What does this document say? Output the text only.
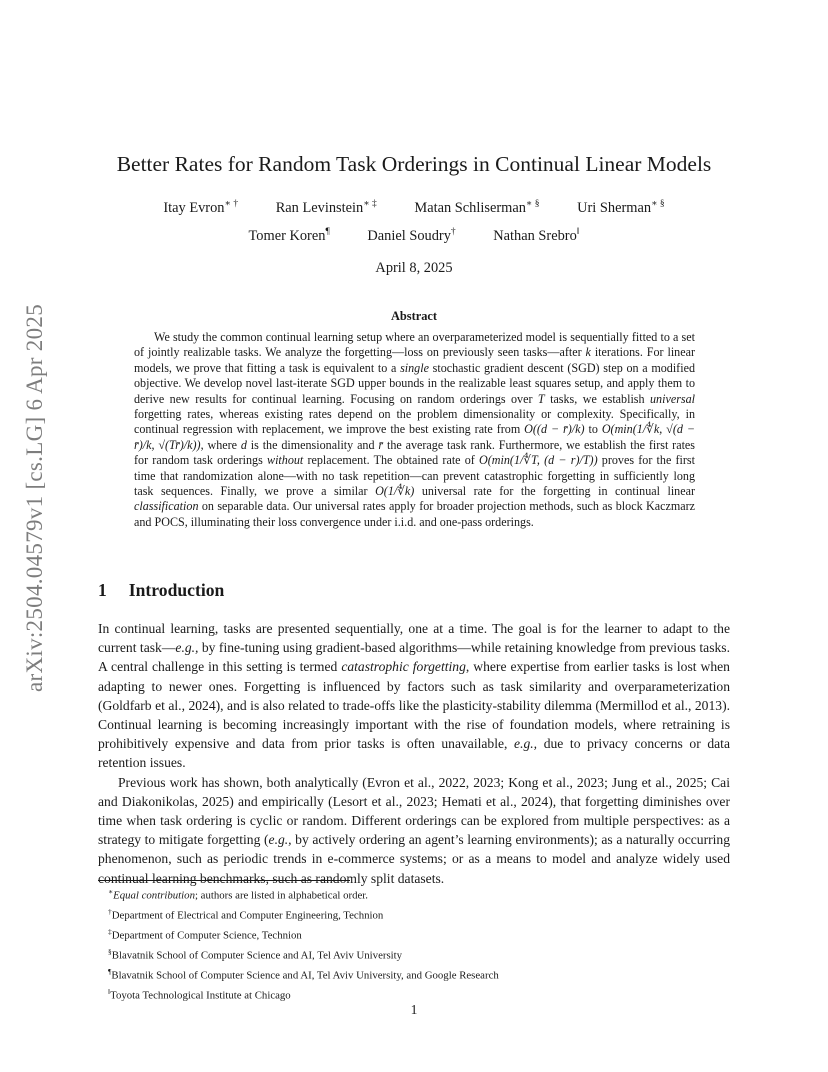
arXiv:2504.04579v1 [cs.LG] 6 Apr 2025
Better Rates for Random Task Orderings in Continual Linear Models
Itay Evron∗ †	Ran Levinstein∗ ‡	Matan Schliserman∗ §	Uri Sherman∗ §
Tomer Koren¶	Daniel Soudry†	Nathan Srebro‖
April 8, 2025
Abstract
We study the common continual learning setup where an overparameterized model is sequentially fitted to a set of jointly realizable tasks. We analyze the forgetting—loss on previously seen tasks—after k iterations. For linear models, we prove that fitting a task is equivalent to a single stochastic gradient descent (SGD) step on a modified objective. We develop novel last-iterate SGD upper bounds in the realizable least squares setup, and apply them to derive new results for continual learning. Focusing on random orderings over T tasks, we establish universal forgetting rates, whereas existing rates depend on the problem dimensionality or complexity. Specifically, in continual regression with replacement, we improve the best existing rate from O((d − r̄)/k) to O(min(1/∜k, √(d − r̄)/k, √(Tr̄)/k)), where d is the dimensionality and r̄ the average task rank. Furthermore, we establish the first rates for random task orderings without replacement. The obtained rate of O(min(1/∜T, (d − r)/T)) proves for the first time that randomization alone—with no task repetition—can prevent catastrophic forgetting in sufficiently long task sequences. Finally, we prove a similar O(1/∜k) universal rate for the forgetting in continual linear classification on separable data. Our universal rates apply for broader projection methods, such as block Kaczmarz and POCS, illuminating their loss convergence under i.i.d. and one-pass orderings.
1 Introduction

In continual learning, tasks are presented sequentially, one at a time. The goal is for the learner to adapt to the current task—e.g., by fine-tuning using gradient-based algorithms—while retaining knowledge from previous tasks. A central challenge in this setting is termed catastrophic forgetting, where expertise from earlier tasks is lost when adapting to newer ones. Forgetting is influenced by factors such as task similarity and overparameterization (Goldfarb et al., 2024), and is also related to trade-offs like the plasticity-stability dilemma (Mermillod et al., 2013). Continual learning is becoming increasingly important with the rise of foundation models, where retraining is prohibitively expensive and data from prior tasks is often unavailable, e.g., due to privacy concerns or data retention issues.

Previous work has shown, both analytically (Evron et al., 2022, 2023; Kong et al., 2023; Jung et al., 2025; Cai and Diakonikolas, 2025) and empirically (Lesort et al., 2023; Hemati et al., 2024), that forgetting diminishes over time when task ordering is cyclic or random. Different orderings can be explored from multiple perspectives: as a strategy to mitigate forgetting (e.g., by actively ordering an agent’s learning environments); as a naturally occurring phenomenon, such as periodic trends in e-commerce systems; or as a means to model and analyze widely used continual learning benchmarks, such as randomly split datasets.

∗Equal contribution; authors are listed in alphabetical order.
†Department of Electrical and Computer Engineering, Technion
‡Department of Computer Science, Technion
§Blavatnik School of Computer Science and AI, Tel Aviv University
¶Blavatnik School of Computer Science and AI, Tel Aviv University, and Google Research
‖Toyota Technological Institute at Chicago
1
